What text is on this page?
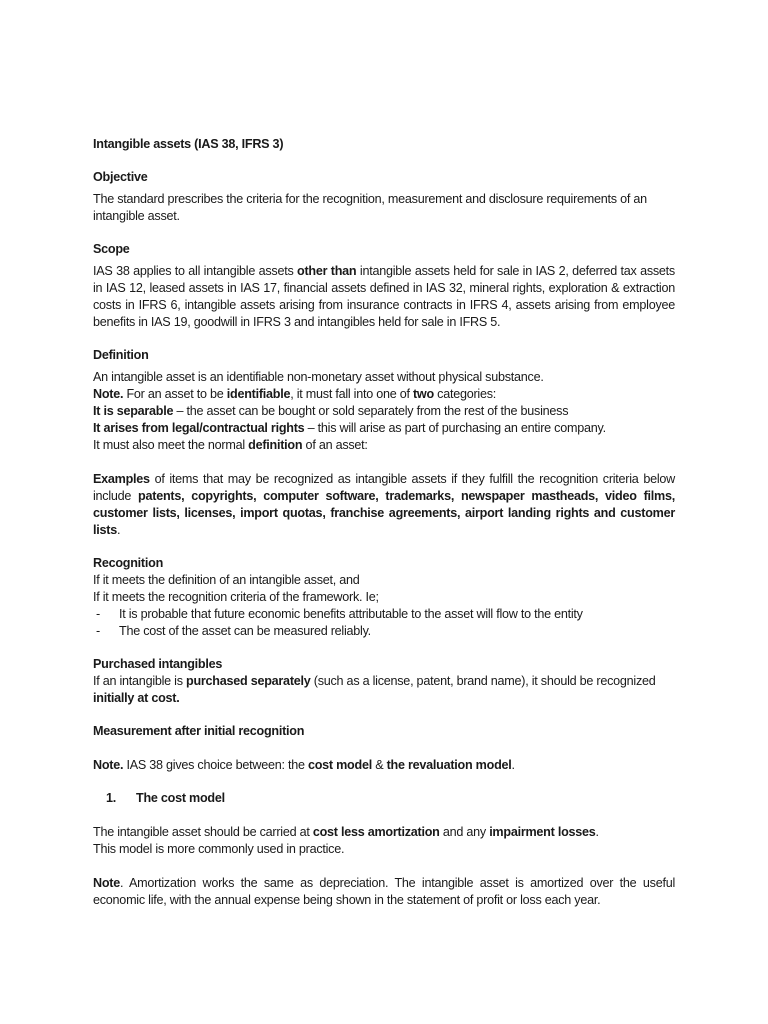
Intangible assets (IAS 38, IFRS 3)

Objective

The standard prescribes the criteria for the recognition, measurement and disclosure requirements of an intangible asset.

Scope

IAS 38 applies to all intangible assets other than intangible assets held for sale in IAS 2, deferred tax assets in IAS 12, leased assets in IAS 17, financial assets defined in IAS 32, mineral rights, exploration & extraction costs in IFRS 6, intangible assets arising from insurance contracts in IFRS 4, assets arising from employee benefits in IAS 19, goodwill in IFRS 3 and intangibles held for sale in IFRS 5.

Definition

An intangible asset is an identifiable non-monetary asset without physical substance.

Note. For an asset to be identifiable, it must fall into one of two categories:

It is separable – the asset can be bought or sold separately from the rest of the business

It arises from legal/contractual rights – this will arise as part of purchasing an entire company.

It must also meet the normal definition of an asset:

Examples of items that may be recognized as intangible assets if they fulfill the recognition criteria below include patents, copyrights, computer software, trademarks, newspaper mastheads, video films, customer lists, licenses, import quotas, franchise agreements, airport landing rights and customer lists.

Recognition

If it meets the definition of an intangible asset, and

If it meets the recognition criteria of the framework. Ie;

- It is probable that future economic benefits attributable to the asset will flow to the entity
- The cost of the asset can be measured reliably.

Purchased intangibles

If an intangible is purchased separately (such as a license, patent, brand name), it should be recognized initially at cost.

Measurement after initial recognition

Note. IAS 38 gives choice between: the cost model & the revaluation model.

1.	The cost model

The intangible asset should be carried at cost less amortization and any impairment losses.

This model is more commonly used in practice.

Note. Amortization works the same as depreciation. The intangible asset is amortized over the useful economic life, with the annual expense being shown in the statement of profit or loss each year.
